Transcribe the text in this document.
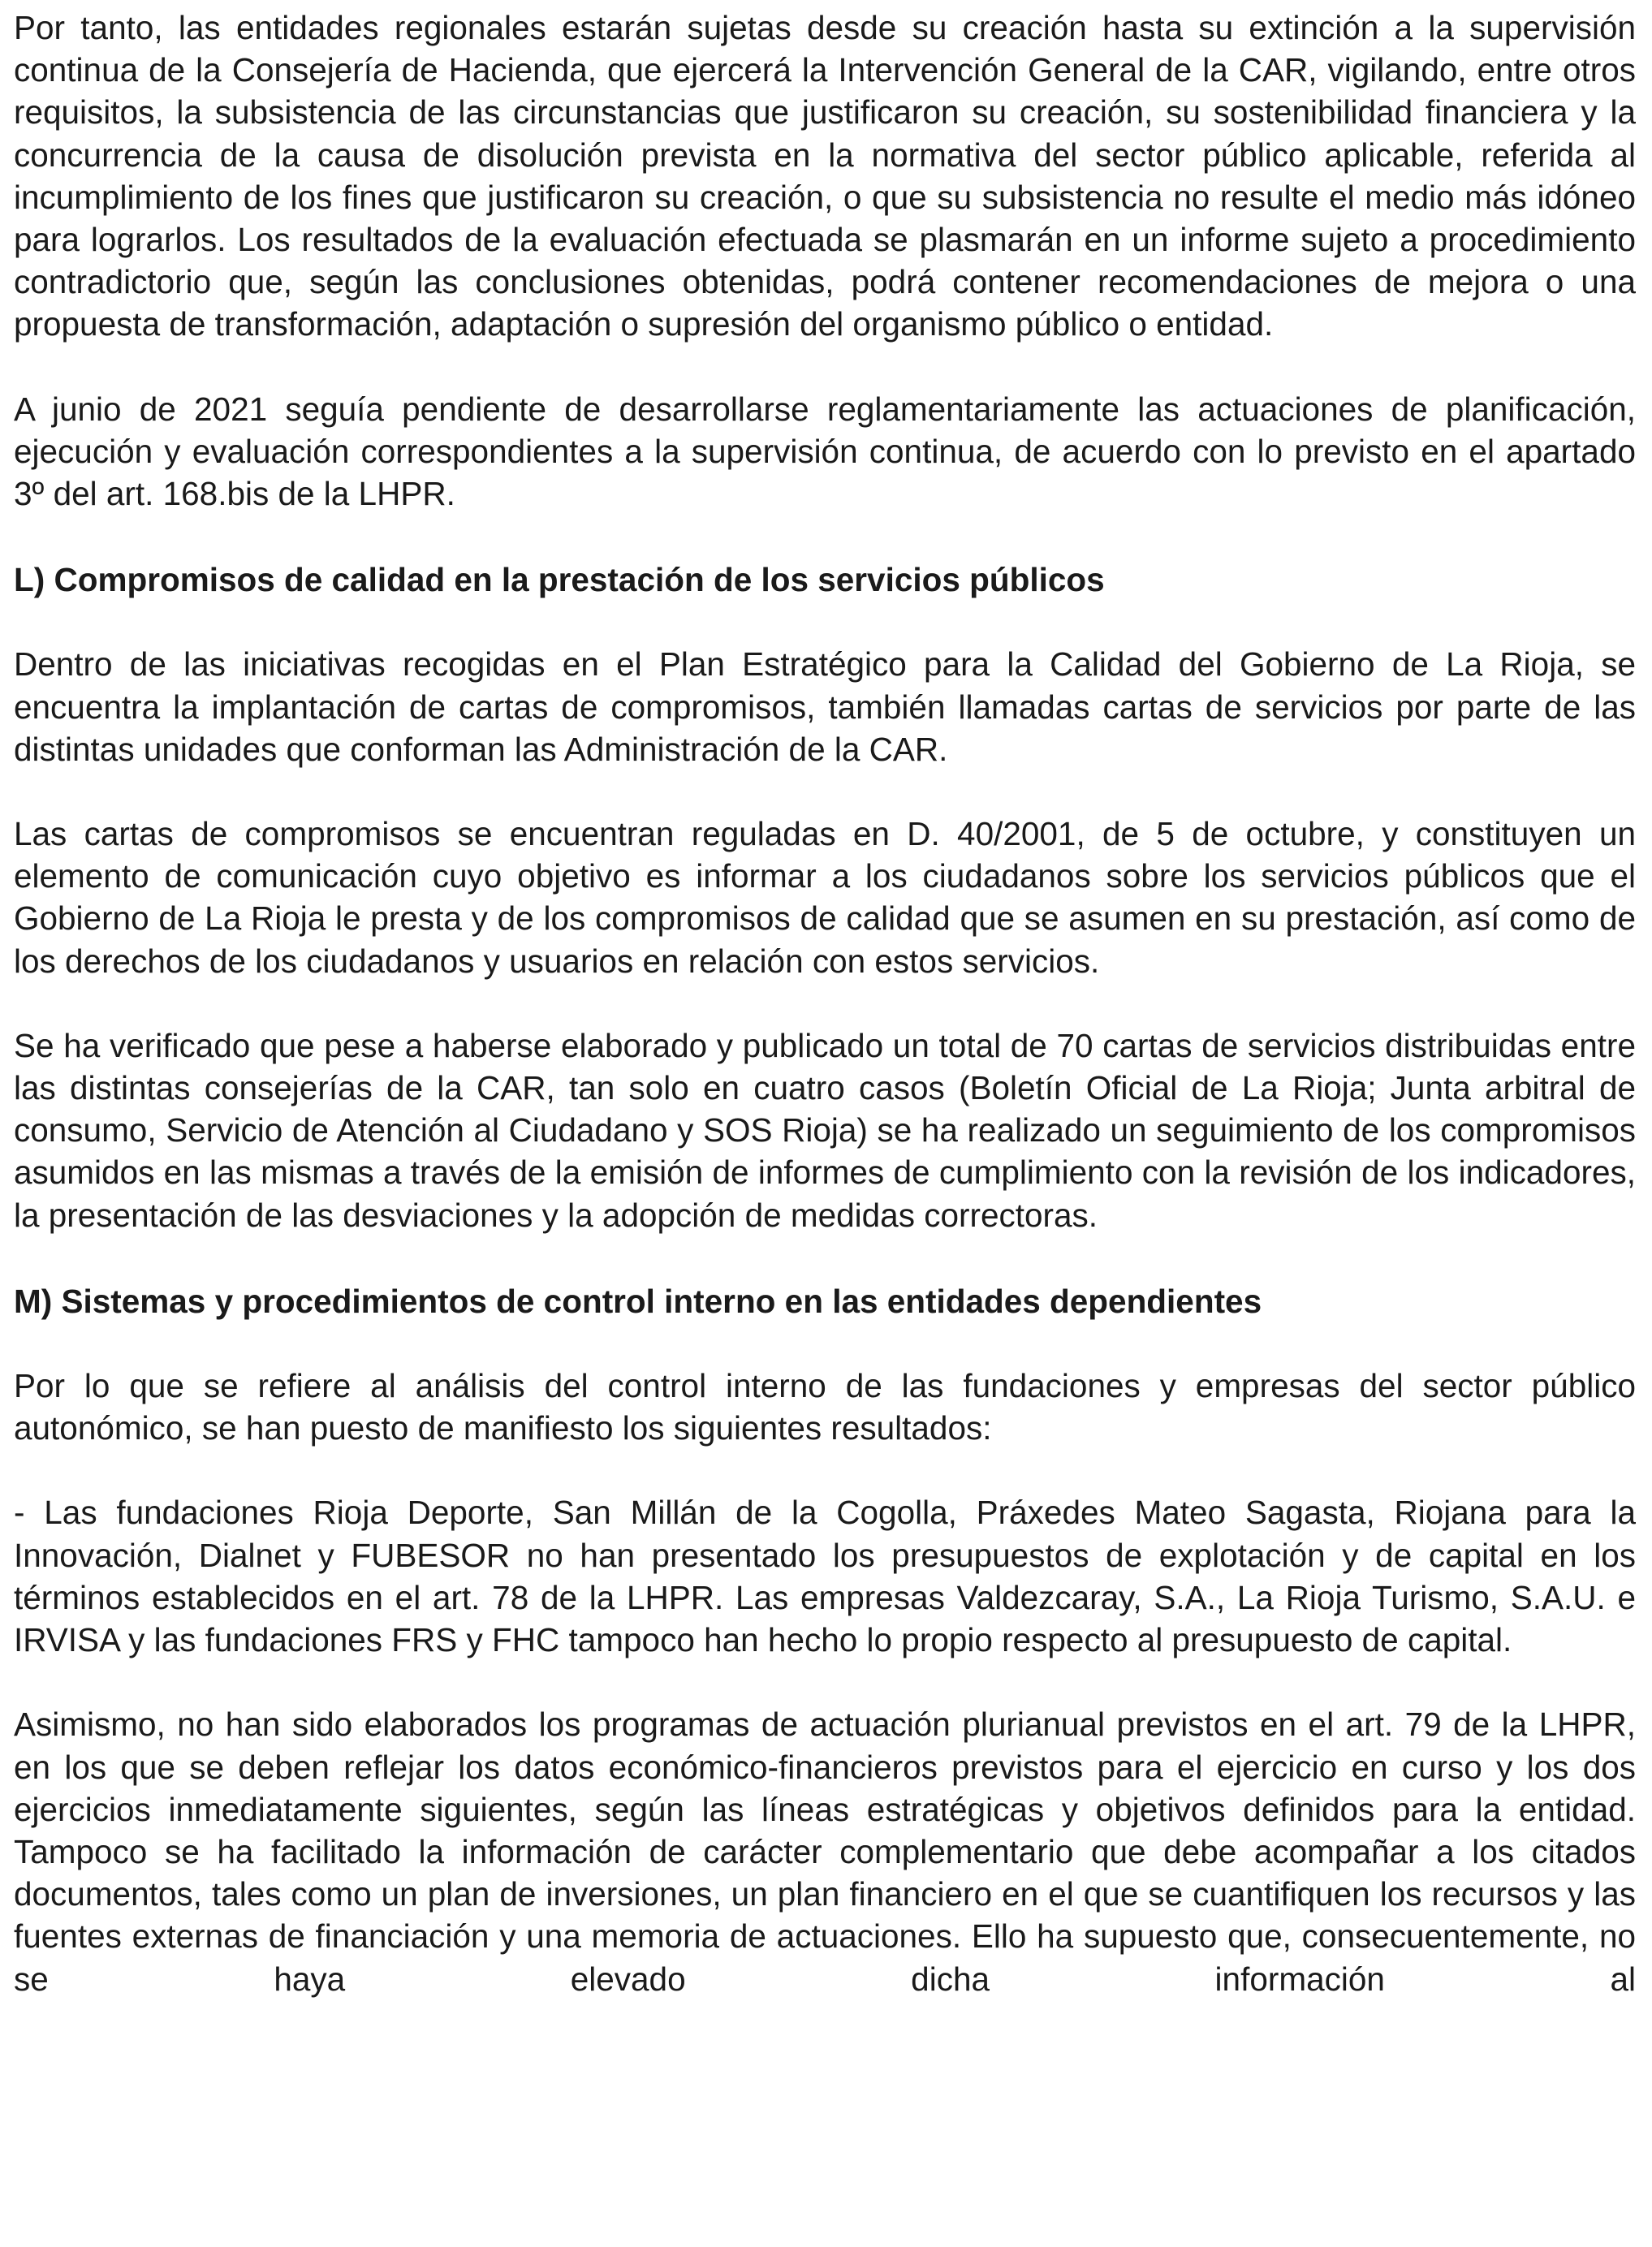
Por tanto, las entidades regionales estarán sujetas desde su creación hasta su extinción a la supervisión continua de la Consejería de Hacienda, que ejercerá la Intervención General de la CAR, vigilando, entre otros requisitos, la subsistencia de las circunstancias que justificaron su creación, su sostenibilidad financiera y la concurrencia de la causa de disolución prevista en la normativa del sector público aplicable, referida al incumplimiento de los fines que justificaron su creación, o que su subsistencia no resulte el medio más idóneo para lograrlos. Los resultados de la evaluación efectuada se plasmarán en un informe sujeto a procedimiento contradictorio que, según las conclusiones obtenidas, podrá contener recomendaciones de mejora o una propuesta de transformación, adaptación o supresión del organismo público o entidad.

A junio de 2021 seguía pendiente de desarrollarse reglamentariamente las actuaciones de planificación, ejecución y evaluación correspondientes a la supervisión continua, de acuerdo con lo previsto en el apartado 3º del art. 168.bis de la LHPR.

L) Compromisos de calidad en la prestación de los servicios públicos

Dentro de las iniciativas recogidas en el Plan Estratégico para la Calidad del Gobierno de La Rioja, se encuentra la implantación de cartas de compromisos, también llamadas cartas de servicios por parte de las distintas unidades que conforman las Administración de la CAR.

Las cartas de compromisos se encuentran reguladas en D. 40/2001, de 5 de octubre, y constituyen un elemento de comunicación cuyo objetivo es informar a los ciudadanos sobre los servicios públicos que el Gobierno de La Rioja le presta y de los compromisos de calidad que se asumen en su prestación, así como de los derechos de los ciudadanos y usuarios en relación con estos servicios.

Se ha verificado que pese a haberse elaborado y publicado un total de 70 cartas de servicios distribuidas entre las distintas consejerías de la CAR, tan solo en cuatro casos (Boletín Oficial de La Rioja; Junta arbitral de consumo, Servicio de Atención al Ciudadano y SOS Rioja) se ha realizado un seguimiento de los compromisos asumidos en las mismas a través de la emisión de informes de cumplimiento con la revisión de los indicadores, la presentación de las desviaciones y la adopción de medidas correctoras.

M) Sistemas y procedimientos de control interno en las entidades dependientes

Por lo que se refiere al análisis del control interno de las fundaciones y empresas del sector público autonómico, se han puesto de manifiesto los siguientes resultados:

- Las fundaciones Rioja Deporte, San Millán de la Cogolla, Práxedes Mateo Sagasta, Riojana para la Innovación, Dialnet y FUBESOR no han presentado los presupuestos de explotación y de capital en los términos establecidos en el art. 78 de la LHPR. Las empresas Valdezcaray, S.A., La Rioja Turismo, S.A.U. e IRVISA y las fundaciones FRS y FHC tampoco han hecho lo propio respecto al presupuesto de capital.

Asimismo, no han sido elaborados los programas de actuación plurianual previstos en el art. 79 de la LHPR, en los que se deben reflejar los datos económico-financieros previstos para el ejercicio en curso y los dos ejercicios inmediatamente siguientes, según las líneas estratégicas y objetivos definidos para la entidad. Tampoco se ha facilitado la información de carácter complementario que debe acompañar a los citados documentos, tales como un plan de inversiones, un plan financiero en el que se cuantifiquen los recursos y las fuentes externas de financiación y una memoria de actuaciones. Ello ha supuesto que, consecuentemente, no se haya elevado dicha información al
